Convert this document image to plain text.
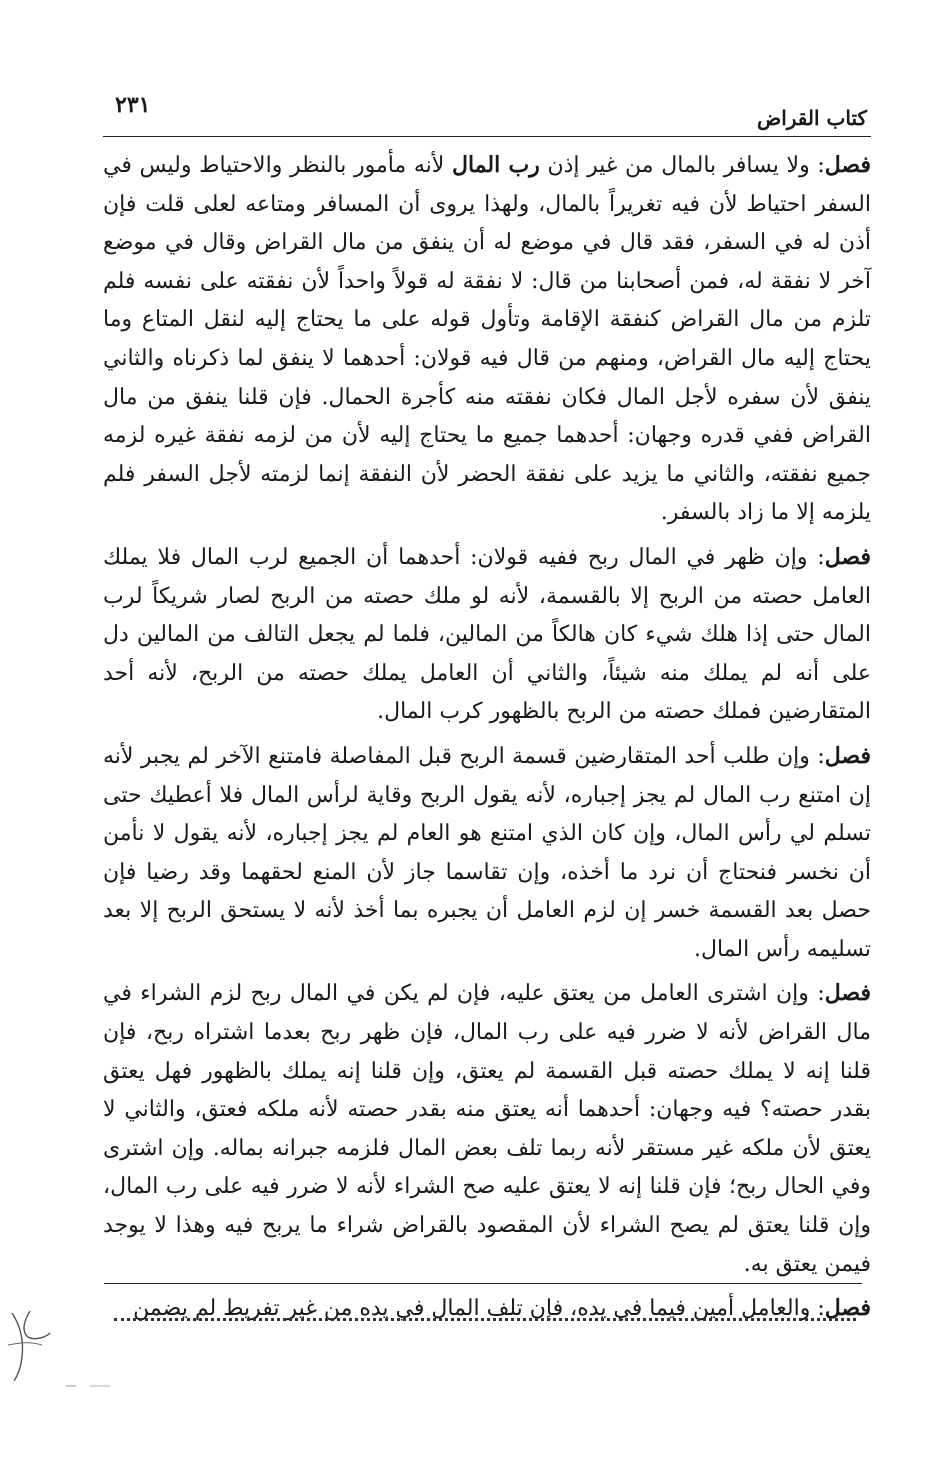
٢٣١	كتاب القراض

فصل: ولا يسافر بالمال من غير إذن رب المال لأنه مأمور بالنظر والاحتياط وليس في السفر احتياط لأن فيه تغريراً بالمال، ولهذا يروى أن المسافر ومتاعه لعلى قلت فإن أذن له في السفر، فقد قال في موضع له أن ينفق من مال القراض وقال في موضع آخر لا نفقة له، فمن أصحابنا من قال: لا نفقة له قولاً واحداً لأن نفقته على نفسه فلم تلزم من مال القراض كنفقة الإقامة وتأول قوله على ما يحتاج إليه لنقل المتاع وما يحتاج إليه مال القراض، ومنهم من قال فيه قولان: أحدهما لا ينفق لما ذكرناه والثاني ينفق لأن سفره لأجل المال فكان نفقته منه كأجرة الحمال. فإن قلنا ينفق من مال القراض ففي قدره وجهان: أحدهما جميع ما يحتاج إليه لأن من لزمه نفقة غيره لزمه جميع نفقته، والثاني ما يزيد على نفقة الحضر لأن النفقة إنما لزمته لأجل السفر فلم يلزمه إلا ما زاد بالسفر.

فصل: وإن ظهر في المال ربح ففيه قولان: أحدهما أن الجميع لرب المال فلا يملك العامل حصته من الربح إلا بالقسمة، لأنه لو ملك حصته من الربح لصار شريكاً لرب المال حتى إذا هلك شيء كان هالكاً من المالين، فلما لم يجعل التالف من المالين دل على أنه لم يملك منه شيئاً، والثاني أن العامل يملك حصته من الربح، لأنه أحد المتقارضين فملك حصته من الربح بالظهور كرب المال.

فصل: وإن طلب أحد المتقارضين قسمة الربح قبل المفاصلة فامتنع الآخر لم يجبر لأنه إن امتنع رب المال لم يجز إجباره، لأنه يقول الربح وقاية لرأس المال فلا أعطيك حتى تسلم لي رأس المال، وإن كان الذي امتنع هو العام لم يجز إجباره، لأنه يقول لا نأمن أن نخسر فنحتاج أن نرد ما أخذه، وإن تقاسما جاز لأن المنع لحقهما وقد رضيا فإن حصل بعد القسمة خسر إن لزم العامل أن يجبره بما أخذ لأنه لا يستحق الربح إلا بعد تسليمه رأس المال.

فصل: وإن اشترى العامل من يعتق عليه، فإن لم يكن في المال ربح لزم الشراء في مال القراض لأنه لا ضرر فيه على رب المال، فإن ظهر ربح بعدما اشتراه ربح، فإن قلنا إنه لا يملك حصته قبل القسمة لم يعتق، وإن قلنا إنه يملك بالظهور فهل يعتق بقدر حصته؟ فيه وجهان: أحدهما أنه يعتق منه بقدر حصته لأنه ملكه فعتق، والثاني لا يعتق لأن ملكه غير مستقر لأنه ربما تلف بعض المال فلزمه جبرانه بماله. وإن اشترى وفي الحال ربح؛ فإن قلنا إنه لا يعتق عليه صح الشراء لأنه لا ضرر فيه على رب المال، وإن قلنا يعتق لم يصح الشراء لأن المقصود بالقراض شراء ما يربح فيه وهذا لا يوجد فيمن يعتق به.

فصل: والعامل أمين فيما في يده، فإن تلف المال في يده من غير تفريط لم يضمن
